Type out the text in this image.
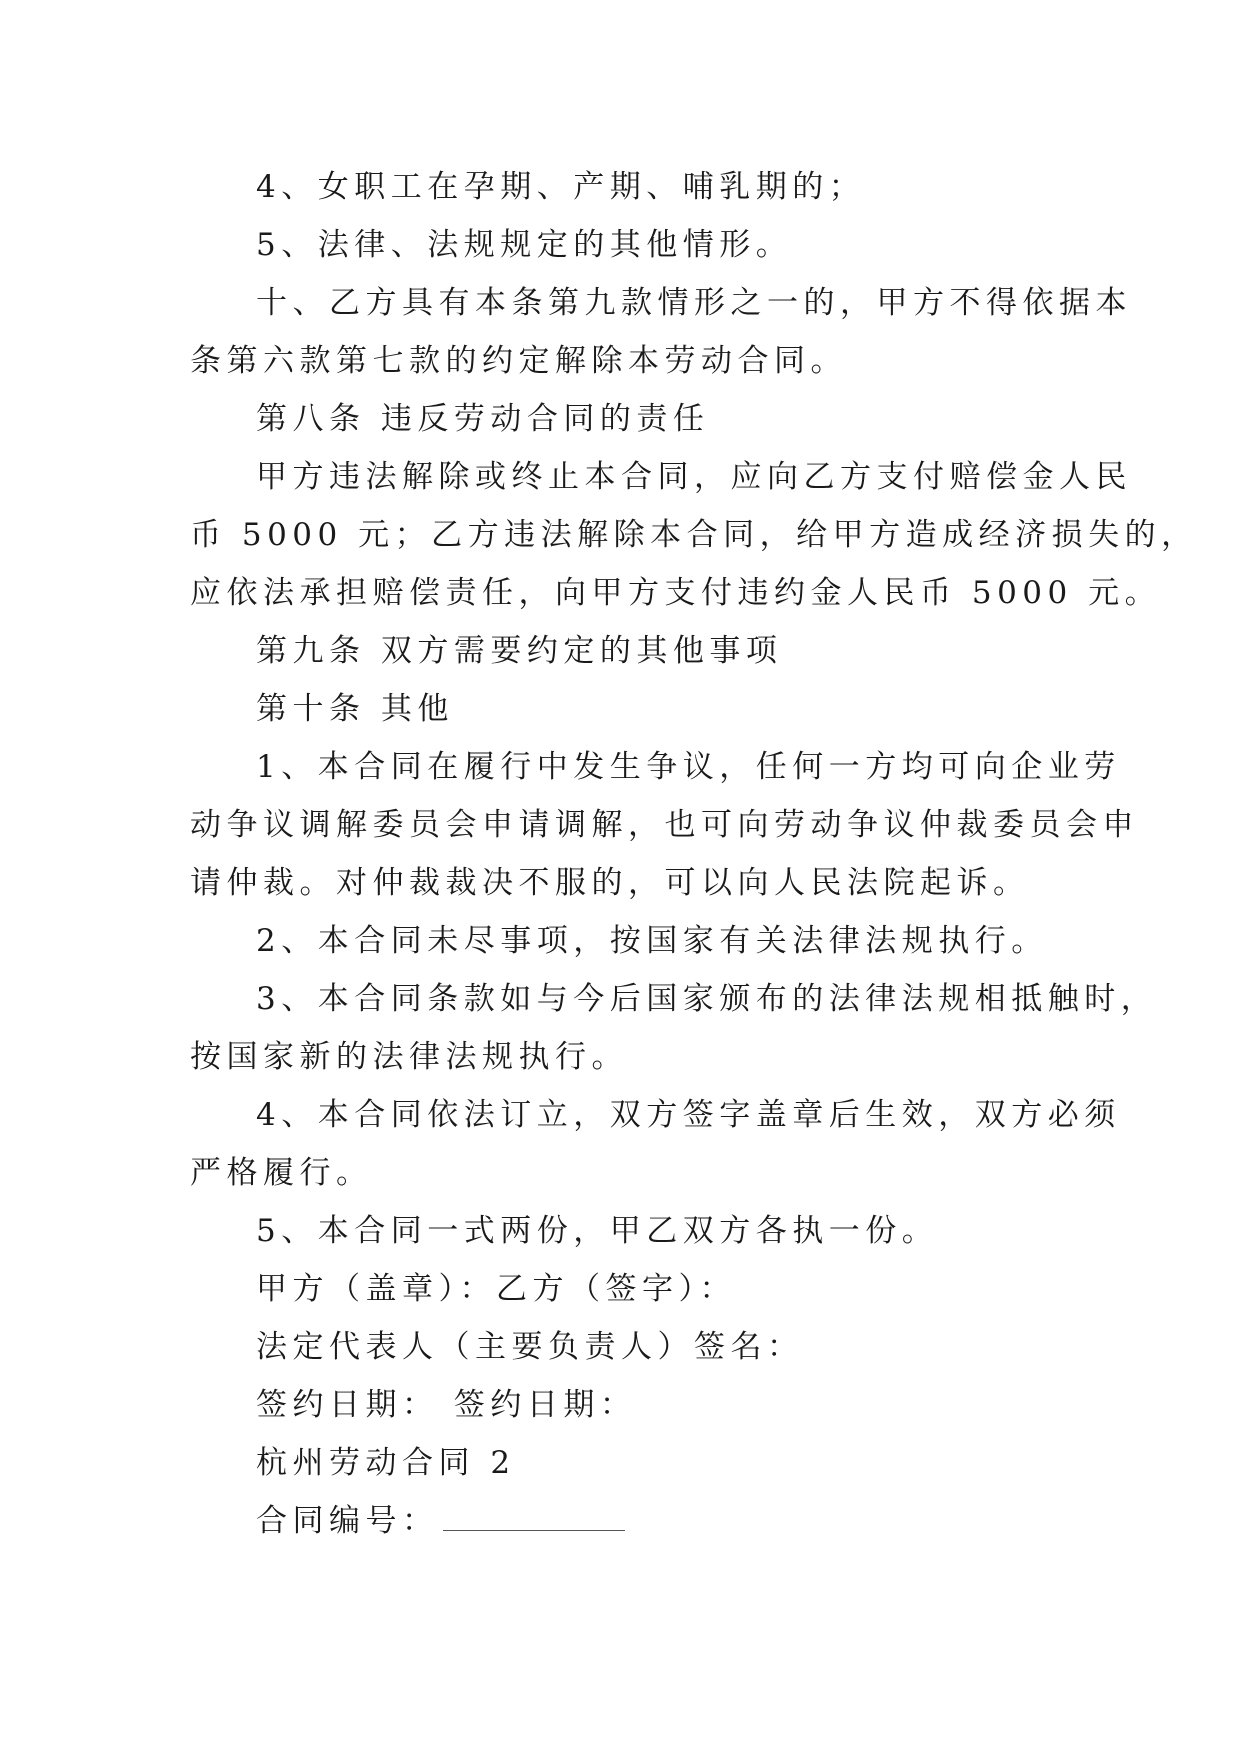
4、女职工在孕期、产期、哺乳期的；

5、法律、法规规定的其他情形。

十、乙方具有本条第九款情形之一的，甲方不得依据本

条第六款第七款的约定解除本劳动合同。

第八条 违反劳动合同的责任

甲方违法解除或终止本合同，应向乙方支付赔偿金人民

币 5000 元；乙方违法解除本合同，给甲方造成经济损失的，

应依法承担赔偿责任，向甲方支付违约金人民币 5000 元。

第九条 双方需要约定的其他事项

第十条 其他

1、本合同在履行中发生争议，任何一方均可向企业劳

动争议调解委员会申请调解，也可向劳动争议仲裁委员会申

请仲裁。对仲裁裁决不服的，可以向人民法院起诉。

2、本合同未尽事项，按国家有关法律法规执行。

3、本合同条款如与今后国家颁布的法律法规相抵触时，

按国家新的法律法规执行。

4、本合同依法订立，双方签字盖章后生效，双方必须

严格履行。

5、本合同一式两份，甲乙双方各执一份。

甲方（盖章）：乙方（签字）：

法定代表人（主要负责人）签名：

签约日期： 签约日期：

杭州劳动合同 2

合同编号：
